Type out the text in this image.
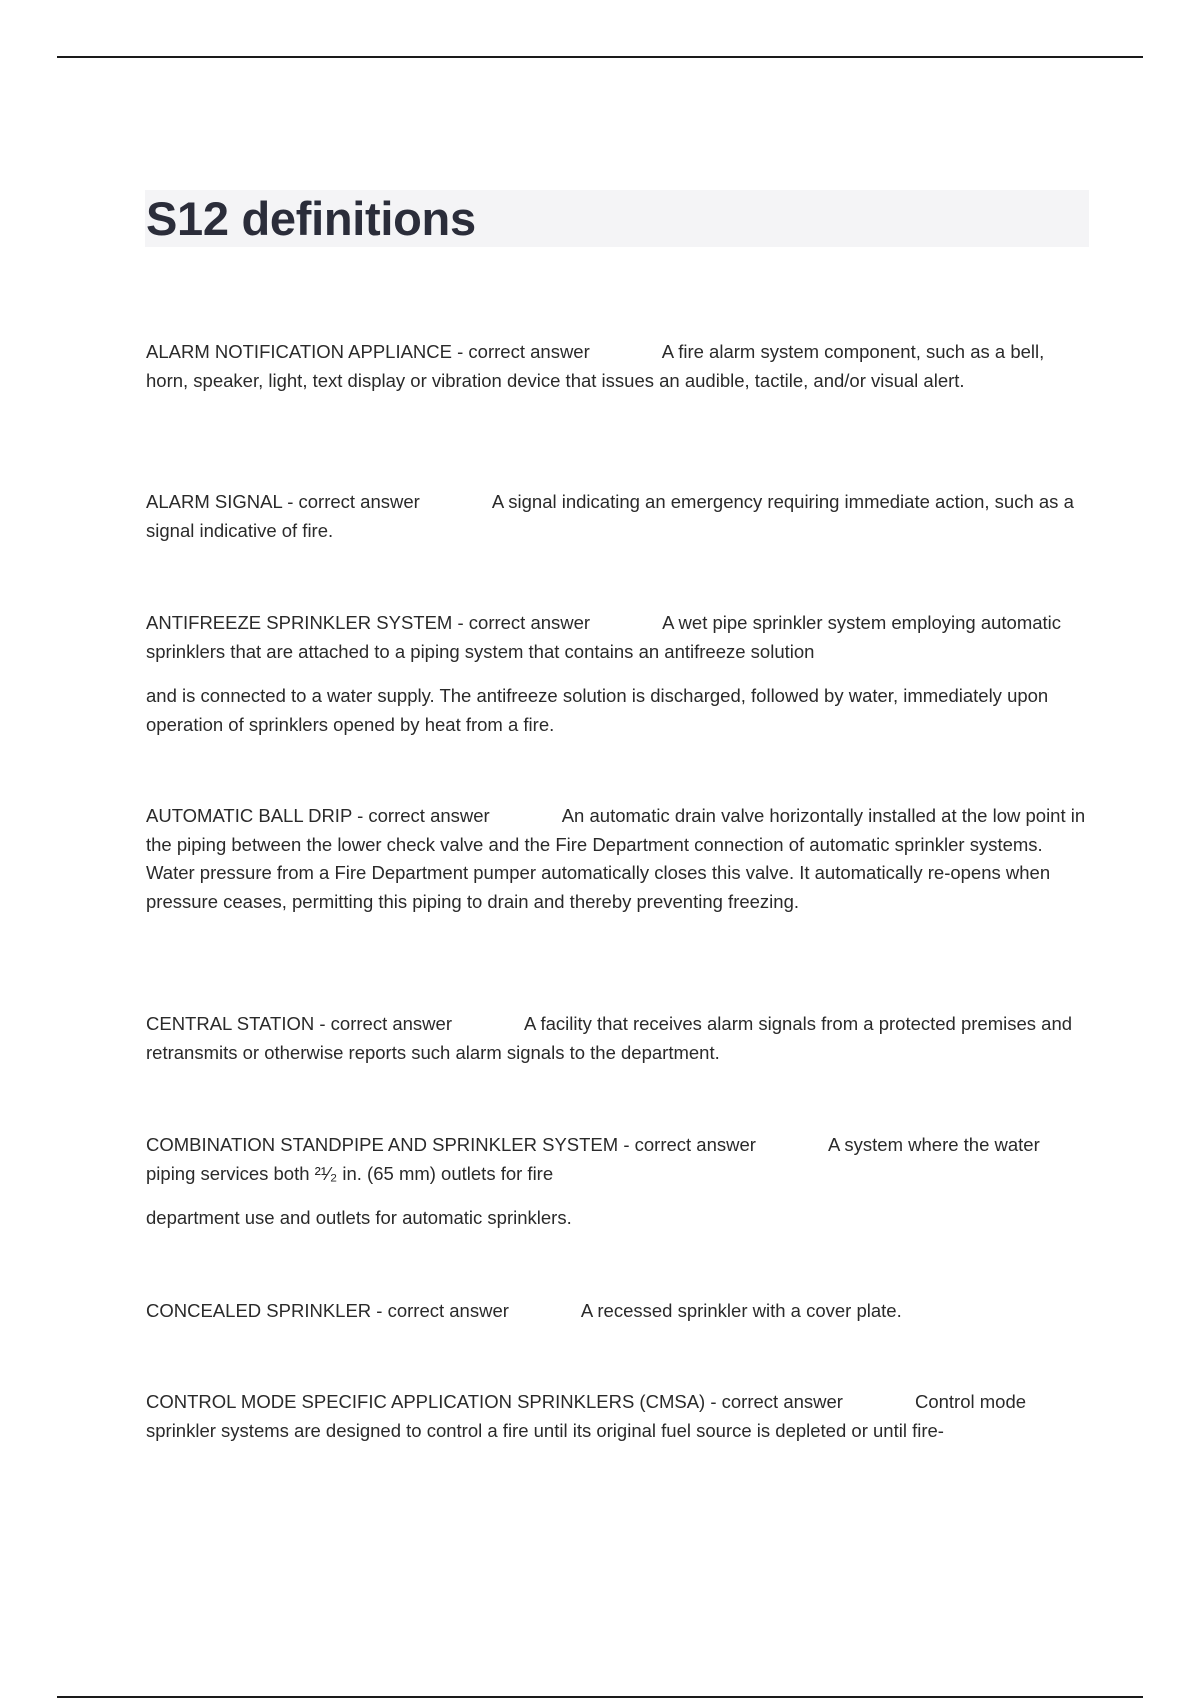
S12 definitions

ALARM NOTIFICATION APPLIANCE - correct answer	A fire alarm system component, such as a bell, horn, speaker, light, text display or vibration device that issues an audible, tactile, and/or visual alert.

ALARM SIGNAL - correct answer	A signal indicating an emergency requiring immediate action, such as a signal indicative of fire.

ANTIFREEZE SPRINKLER SYSTEM - correct answer	A wet pipe sprinkler system employing automatic sprinklers that are attached to a piping system that contains an antifreeze solution

and is connected to a water supply. The antifreeze solution is discharged, followed by water, immediately upon operation of sprinklers opened by heat from a fire.

AUTOMATIC BALL DRIP - correct answer	An automatic drain valve horizontally installed at the low point in the piping between the lower check valve and the Fire Department connection of automatic sprinkler systems. Water pressure from a Fire Department pumper automatically closes this valve. It automatically re-opens when pressure ceases, permitting this piping to drain and thereby preventing freezing.

CENTRAL STATION - correct answer	A facility that receives alarm signals from a protected premises and retransmits or otherwise reports such alarm signals to the department.

COMBINATION STANDPIPE AND SPRINKLER SYSTEM - correct answer	A system where the water piping services both ²¹⁄₂ in. (65 mm) outlets for fire

department use and outlets for automatic sprinklers.

CONCEALED SPRINKLER - correct answer	A recessed sprinkler with a cover plate.

CONTROL MODE SPECIFIC APPLICATION SPRINKLERS (CMSA) - correct answer	Control mode sprinkler systems are designed to control a fire until its original fuel source is depleted or until fire-
